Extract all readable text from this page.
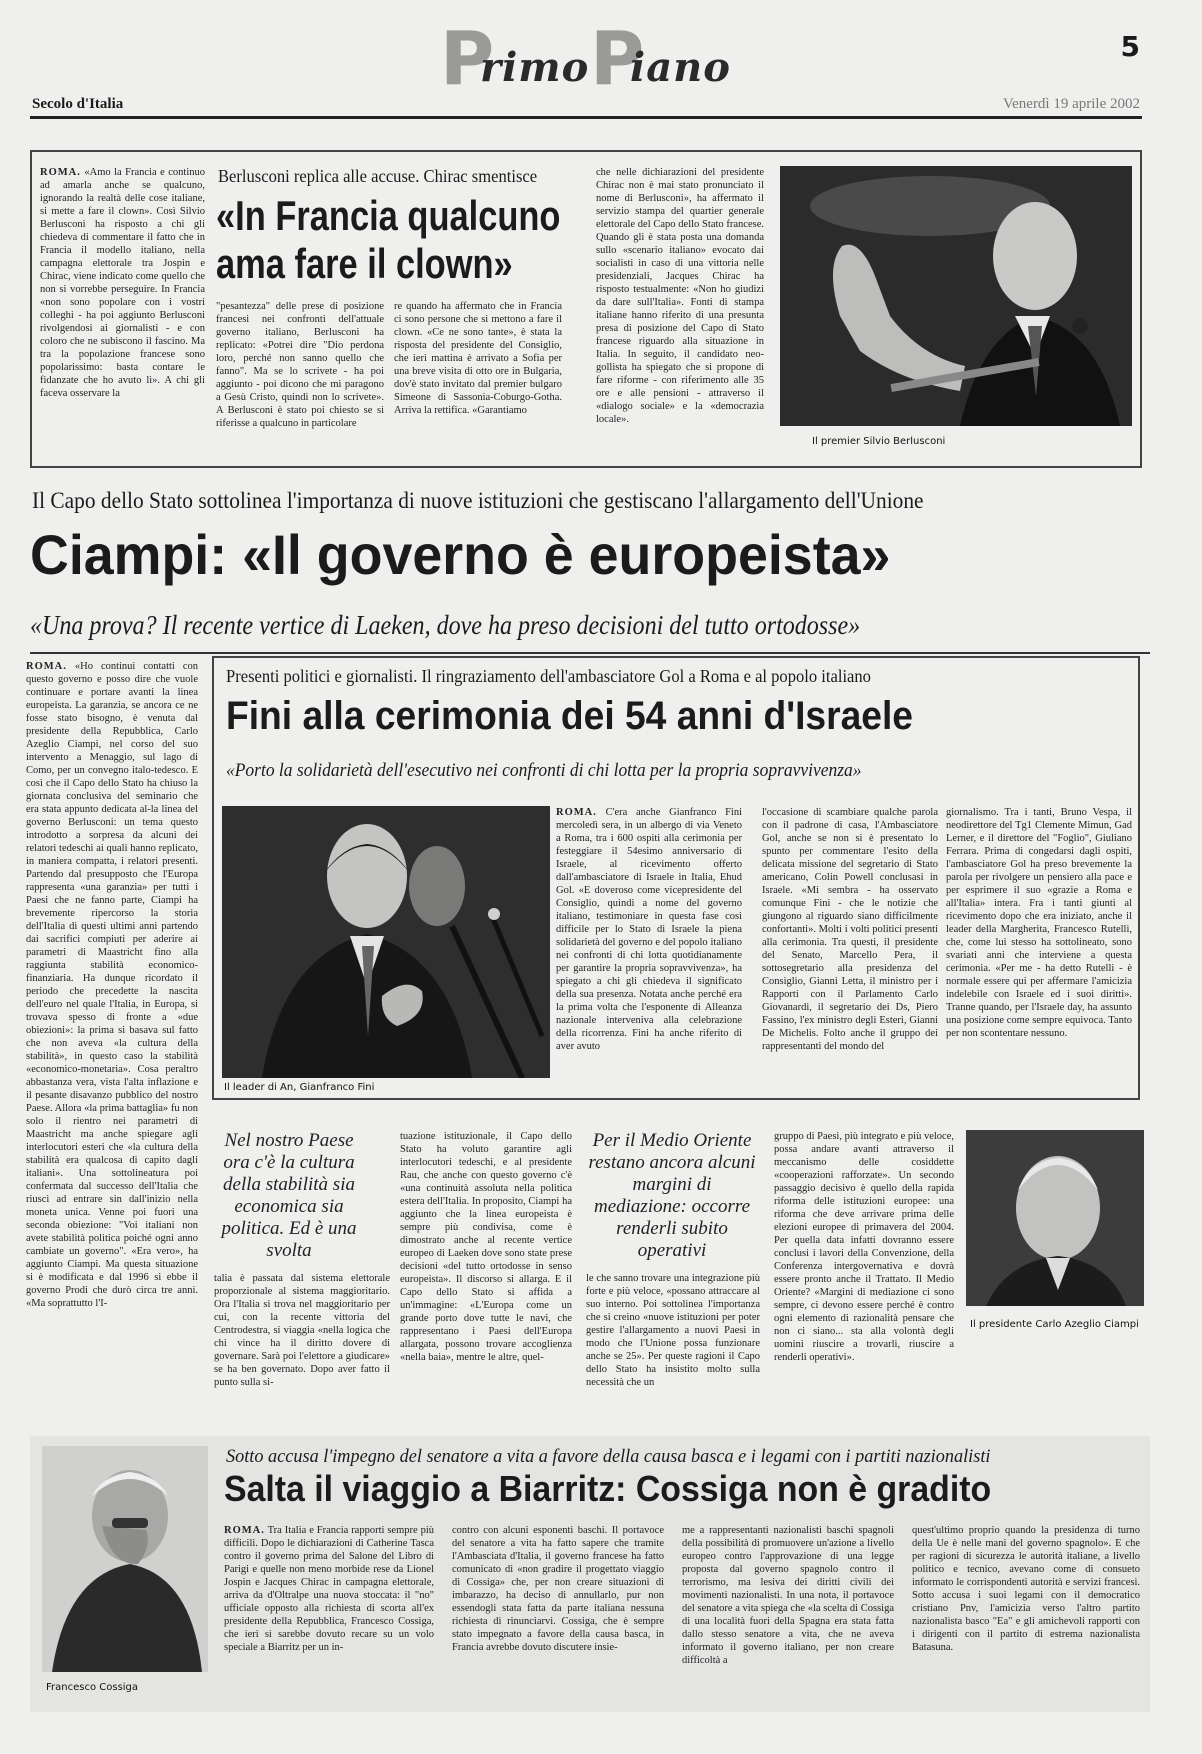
P
rimo P
iano	5
Secolo d'Italia	Venerdì 19 aprile 2002
ROMA. «Amo la Francia e continuo ad amarla anche se qualcuno, ignorando la realtà delle cose italiane, si mette a fare il clown». Così Silvio Berlusconi ha risposto a chi gli chiedeva di commentare il fatto che in Francia il modello italiano, nella campagna elettorale tra Jospin e Chirac, viene indicato come quello che non si vorrebbe perseguire. In Francia «non sono popolare con i vostri colleghi - ha poi aggiunto Berlusconi rivolgendosi ai giornalisti - e con coloro che ne subiscono il fascino. Ma tra la popolazione francese sono popolarissimo: basta contare le fidanzate che ho avuto lì». A chi gli faceva osservare la
Berlusconi replica alle accuse. Chirac smentisce
«In Francia qualcuno
ama fare il clown»
"pesantezza" delle prese di posizione francesi nei confronti dell'attuale governo italiano, Berlusconi ha replicato: «Potrei dire "Dio perdona loro, perché non sanno quello che fanno". Ma se lo scrivete - ha poi aggiunto - poi dicono che mi paragono a Gesù Cristo, quindi non lo scrivete». A Berlusconi è stato poi chiesto se si riferisse a qualcuno in particolare
re quando ha affermato che in Francia ci sono persone che si mettono a fare il clown. «Ce ne sono tante», è stata la risposta del presidente del Consiglio, che ieri mattina è arrivato a Sofia per una breve visita di otto ore in Bulgaria, dov'è stato invitato dal premier bulgaro Simeone di Sassonia-Coburgo-Gotha. Arriva la rettifica. «Garantiamo
che nelle dichiarazioni del presidente Chirac non è mai stato pronunciato il nome di Berlusconi», ha affermato il servizio stampa del quartier generale elettorale del Capo dello Stato francese. Quando gli è stata posta una domanda sullo «scenario italiano» evocato dai socialisti in caso di una vittoria nelle presidenziali, Jacques Chirac ha risposto testualmente: «Non ho giudizi da dare sull'Italia». Fonti di stampa italiane hanno riferito di una presunta presa di posizione del Capo di Stato francese riguardo alla situazione in Italia. In seguito, il candidato neo-gollista ha spiegato che si propone di fare riforme - con riferimento alle 35 ore e alle pensioni - attraverso il «dialogo sociale» e la «democrazia locale».
Il premier Silvio Berlusconi
Il Capo dello Stato sottolinea l'importanza di nuove istituzioni che gestiscano l'allargamento dell'Unione
Ciampi: «Il governo è europeista»
«Una prova? Il recente vertice di Laeken, dove ha preso decisioni del tutto ortodosse»
ROMA. «Ho continui contatti con questo governo e posso dire che vuole continuare e portare avanti la linea europeista. La garanzia, se ancora ce ne fosse stato bisogno, è venuta dal presidente della Repubblica, Carlo Azeglio Ciampi, nel corso del suo intervento a Menaggio, sul lago di Como, per un convegno italo-tedesco. E così che il Capo dello Stato ha chiuso la giornata conclusiva del seminario che era stata appunto dedicata al-la linea del governo Berlusconi: un tema questo introdotto a sorpresa da alcuni dei relatori tedeschi ai quali hanno replicato, in maniera compatta, i relatori presenti. Partendo dal presupposto che l'Europa rappresenta «una garanzia» per tutti i Paesi che ne fanno parte, Ciampi ha brevemente ripercorso la storia dell'Italia di questi ultimi anni partendo dai sacrifici compiuti per aderire ai parametri di Maastricht fino alla raggiunta stabilità economico-finanziaria. Ha dunque ricordato il periodo che precedette la nascita dell'euro nel quale l'Italia, in Europa, si trovava spesso di fronte a «due obiezioni»: la prima si basava sul fatto che non aveva «la cultura della stabilità», in questo caso la stabilità «economico-monetaria». Cosa peraltro abbastanza vera, vista l'alta inflazione e il pesante disavanzo pubblico del nostro Paese. Allora «la prima battaglia» fu non solo il rientro nei parametri di Maastricht ma anche spiegare agli interlocutori esteri che «la cultura della stabilità era qualcosa di capito dagli italiani». Una sottolineatura poi confermata dal successo dell'Italia che riuscì ad entrare sin dall'inizio nella moneta unica. Venne poi fuori una seconda obiezione: "Voi italiani non avete stabilità politica poiché ogni anno cambiate un governo". «Era vero», ha aggiunto Ciampi. Ma questa situazione si è modificata e dal 1996 si ebbe il governo Prodi che durò circa tre anni. «Ma soprattutto l'I-
Presenti politici e giornalisti. Il ringraziamento dell'ambasciatore Gol a Roma e al popolo italiano
Fini alla cerimonia dei 54 anni d'Israele
«Porto la solidarietà dell'esecutivo nei confronti di chi lotta per la propria sopravvivenza»
Il leader di An, Gianfranco Fini
ROMA. C'era anche Gianfranco Fini mercoledì sera, in un albergo di via Veneto a Roma, tra i 600 ospiti alla cerimonia per festeggiare il 54esimo anniversario di Israele, al ricevimento offerto dall'ambasciatore di Israele in Italia, Ehud Gol. «E doveroso come vicepresidente del Consiglio, quindi a nome del governo italiano, testimoniare in questa fase così difficile per lo Stato di Israele la piena solidarietà del governo e del popolo italiano nei confronti di chi lotta quotidianamente per garantire la propria sopravvivenza», ha spiegato a chi gli chiedeva il significato della sua presenza. Notata anche perché era la prima volta che l'esponente di Alleanza nazionale interveniva alla celebrazione della ricorrenza. Fini ha anche riferito di aver avuto
l'occasione di scambiare qualche parola con il padrone di casa, l'Ambasciatore Gol, anche se non si è presentato lo spunto per commentare l'esito della delicata missione del segretario di Stato americano, Colin Powell conclusasi in Israele. «Mi sembra - ha osservato comunque Fini - che le notizie che giungono al riguardo siano difficilmente confortanti». Molti i volti politici presenti alla cerimonia. Tra questi, il presidente del Senato, Marcello Pera, il sottosegretario alla presidenza del Consiglio, Gianni Letta, il ministro per i Rapporti con il Parlamento Carlo Giovanardi, il segretario dei Ds, Piero Fassino, l'ex ministro degli Esteri, Gianni De Michelis. Folto anche il gruppo dei rappresentanti del mondo del
giornalismo. Tra i tanti, Bruno Vespa, il neodirettore del Tg1 Clemente Mimun, Gad Lerner, e il direttore del "Foglio", Giuliano Ferrara. Prima di congedarsi dagli ospiti, l'ambasciatore Gol ha preso brevemente la parola per rivolgere un pensiero alla pace e per esprimere il suo «grazie a Roma e all'Italia» intera. Fra i tanti giunti al ricevimento dopo che era iniziato, anche il leader della Margherita, Francesco Rutelli, che, come lui stesso ha sottolineato, sono svariati anni che interviene a questa cerimonia. «Per me - ha detto Rutelli - è normale essere qui per affermare l'amicizia indelebile con Israele ed i suoi diritti». Tranne quando, per l'Israele day, ha assunto una posizione come sempre equivoca. Tanto per non scontentare nessuno.
Nel nostro Paese ora c'è la cultura della stabilità sia economica sia politica. Ed è una svolta
talia è passata dal sistema elettorale proporzionale al sistema maggioritario. Ora l'Italia si trova nel maggioritario per cui, con la recente vittoria del Centrodestra, si viaggia «nella logica che chi vince ha il diritto dovere di governare. Sarà poi l'elettore a giudicare» se ha ben governato. Dopo aver fatto il punto sulla si-
tuazione istituzionale, il Capo dello Stato ha voluto garantire agli interlocutori tedeschi, e al presidente Rau, che anche con questo governo c'è «una continuità assoluta nella politica estera dell'Italia. In proposito, Ciampi ha aggiunto che la linea europeista è sempre più condivisa, come è dimostrato anche al recente vertice europeo di Laeken dove sono state prese decisioni «del tutto ortodosse in senso europeista». Il discorso si allarga. E il Capo dello Stato si affida a un'immagine: «L'Europa come un grande porto dove tutte le navi, che rappresentano i Paesi dell'Europa allargata, possono trovare accoglienza «nella baia», mentre le altre, quel-
Per il Medio Oriente restano ancora alcuni margini di mediazione: occorre renderli subito operativi
le che sanno trovare una integrazione più forte e più veloce, «possano attraccare al suo interno. Poi sottolinea l'importanza che si creino «nuove istituzioni per poter gestire l'allargamento a nuovi Paesi in modo che l'Unione possa funzionare anche se 25». Per queste ragioni il Capo dello Stato ha insistito molto sulla necessità che un
gruppo di Paesi, più integrato e più veloce, possa andare avanti attraverso il meccanismo delle cosiddette «cooperazioni rafforzate». Un secondo passaggio decisivo è quello della rapida riforma delle istituzioni europee: una riforma che deve arrivare prima delle elezioni europee di primavera del 2004. Per quella data infatti dovranno essere conclusi i lavori della Convenzione, della Conferenza intergovernativa e dovrà essere pronto anche il Trattato. Il Medio Oriente? «Margini di mediazione ci sono sempre, ci devono essere perché è contro ogni elemento di razionalità pensare che non ci siano... sta alla volontà degli uomini riuscire a trovarli, riuscire a renderli operativi».
Il presidente Carlo Azeglio Ciampi
Francesco Cossiga
Sotto accusa l'impegno del senatore a vita a favore della causa basca e i legami con i partiti nazionalisti
Salta il viaggio a Biarritz: Cossiga non è gradito
ROMA. Tra Italia e Francia rapporti sempre più difficili. Dopo le dichiarazioni di Catherine Tasca contro il governo prima del Salone del Libro di Parigi e quelle non meno morbide rese da Lionel Jospin e Jacques Chirac in campagna elettorale, arriva da d'Oltralpe una nuova stoccata: il "no" ufficiale opposto alla richiesta di scorta all'ex presidente della Repubblica, Francesco Cossiga, che ieri si sarebbe dovuto recare su un volo speciale a Biarritz per un in-
contro con alcuni esponenti baschi. Il portavoce del senatore a vita ha fatto sapere che tramite l'Ambasciata d'Italia, il governo francese ha fatto comunicato di «non gradire il progettato viaggio di Cossiga» che, per non creare situazioni di imbarazzo, ha deciso di annullarlo, pur non essendogli stata fatta da parte italiana nessuna richiesta di rinunciarvi. Cossiga, che è sempre stato impegnato a favore della causa basca, in Francia avrebbe dovuto discutere insie-
me a rappresentanti nazionalisti baschi spagnoli della possibilità di promuovere un'azione a livello europeo contro l'approvazione di una legge proposta dal governo spagnolo contro il terrorismo, ma lesiva dei diritti civili dei movimenti nazionalisti. In una nota, il portavoce del senatore a vita spiega che «la scelta di Cossiga di una località fuori della Spagna era stata fatta dallo stesso senatore a vita, che ne aveva informato il governo italiano, per non creare difficoltà a
quest'ultimo proprio quando la presidenza di turno della Ue è nelle mani del governo spagnolo». E che per ragioni di sicurezza le autorità italiane, a livello politico e tecnico, avevano come di consueto informato le corrispondenti autorità e servizi francesi. Sotto accusa i suoi legami con il democratico cristiano Pnv, l'amicizia verso l'altro partito nazionalista basco "Ea" e gli amichevoli rapporti con i dirigenti con il partito di estrema nazionalista Batasuna.
